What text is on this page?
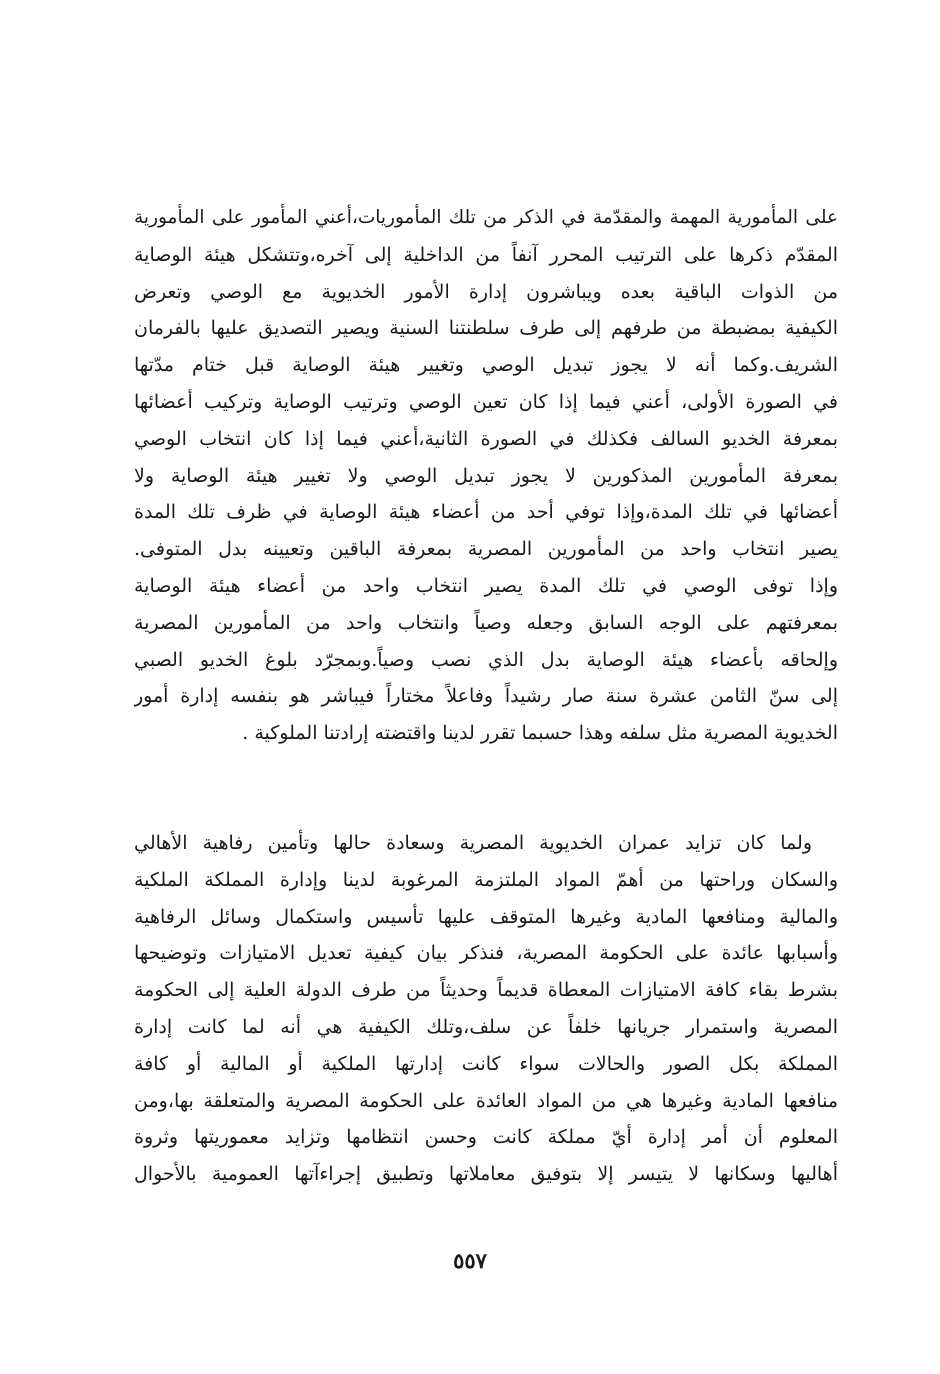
على المأمورية المهمة والمقدّمة في الذكر من تلك المأموريات،أعني المأمور على المأمورية
المقدّم ذكرها على الترتيب المحرر آنفاً من الداخلية إلى آخره،وتتشكل هيئة الوصاية
من الذوات الباقية بعده ويباشرون إدارة الأمور الخديوية مع الوصي وتعرض
الكيفية بمضبطة من طرفهم إلى طرف سلطنتنا السنية ويصير التصديق عليها بالفرمان
الشريف.وكما أنه لا يجوز تبديل الوصي وتغيير هيئة الوصاية قبل ختام مدّتها
في الصورة الأولى، أعني فيما إذا كان تعين الوصي وترتيب الوصاية وتركيب أعضائها
بمعرفة الخديو السالف فكذلك في الصورة الثانية،أعني فيما إذا كان انتخاب الوصي
بمعرفة المأمورين المذكورين لا يجوز تبديل الوصي ولا تغيير هيئة الوصاية ولا
أعضائها في تلك المدة،وإذا توفي أحد من أعضاء هيئة الوصاية في ظرف تلك المدة
يصير انتخاب واحد من المأمورين المصرية بمعرفة الباقين وتعيينه بدل المتوفى.
وإذا توفى الوصي في تلك المدة يصير انتخاب واحد من أعضاء هيئة الوصاية
بمعرفتهم على الوجه السابق وجعله وصياً وانتخاب واحد من المأمورين المصرية
وإلحاقه بأعضاء هيئة الوصاية بدل الذي نصب وصياً.وبمجرّد بلوغ الخديو الصبي
إلى سنّ الثامن عشرة سنة صار رشيداً وفاعلاً مختاراً فيباشر هو بنفسه إدارة أمور
الخديوية المصرية مثل سلفه وهذا حسبما تقرر لدينا واقتضته إرادتنا الملوكية .
ولما كان تزايد عمران الخديوية المصرية وسعادة حالها وتأمين رفاهية الأهالي
والسكان وراحتها من أهمّ المواد الملتزمة المرغوبة لدينا وإدارة المملكة الملكية
والمالية ومنافعها المادية وغيرها المتوقف عليها تأسيس واستكمال وسائل الرفاهية
وأسبابها عائدة على الحكومة المصرية، فنذكر بيان كيفية تعديل الامتيازات وتوضيحها
بشرط بقاء كافة الامتيازات المعطاة قديماً وحديثاً من طرف الدولة العلية إلى الحكومة
المصرية واستمرار جريانها خلفاً عن سلف،وتلك الكيفية هي أنه لما كانت إدارة
المملكة بكل الصور والحالات سواء كانت إدارتها الملكية أو المالية أو كافة
منافعها المادية وغيرها هي من المواد العائدة على الحكومة المصرية والمتعلقة بها،ومن
المعلوم أن أمر إدارة أيّ مملكة كانت وحسن انتظامها وتزايد معموريتها وثروة
أهاليها وسكانها لا يتيسر إلا بتوفيق معاملاتها وتطبيق إجراءآتها العمومية بالأحوال
٥٥٧
